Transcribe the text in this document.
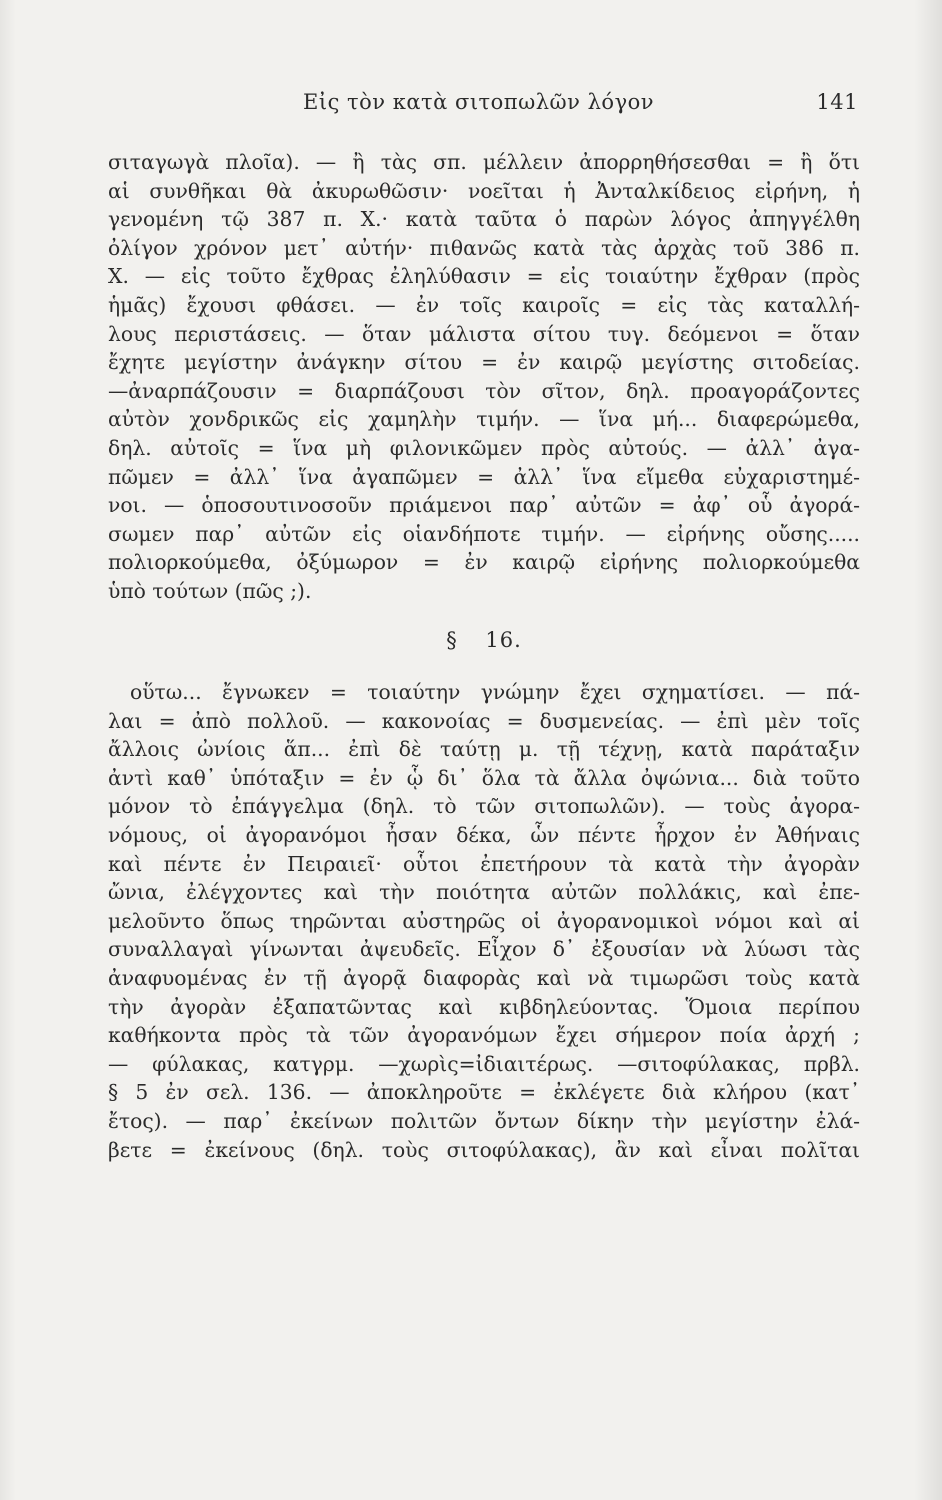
Εἰς τὸν κατὰ σιτοπωλῶν λόγον	141
σιταγωγὰ πλοῖα). — ἢ τὰς σπ. μέλλειν ἀπορρηθήσεσθαι = ἢ ὅτι
αἱ συνθῆκαι θὰ ἀκυρωθῶσιν· νοεῖται ἡ Ἀνταλκίδειος εἰρήνη, ἡ
γενομένη τῷ 387 π. Χ.· κατὰ ταῦτα ὁ παρὼν λόγος ἀπηγγέλθη
ὀλίγον χρόνον μετ᾽ αὐτήν· πιθανῶς κατὰ τὰς ἀρχὰς τοῦ 386 π.
Χ. — εἰς τοῦτο ἔχθρας ἐληλύθασιν = εἰς τοιαύτην ἔχθραν (πρὸς
ἡμᾶς) ἔχουσι φθάσει. — ἐν τοῖς καιροῖς = εἰς τὰς καταλλή-
λους περιστάσεις. — ὅταν μάλιστα σίτου τυγ. δεόμενοι = ὅταν
ἔχητε μεγίστην ἀνάγκην σίτου = ἐν καιρῷ μεγίστης σιτοδείας.
—ἀναρπάζουσιν = διαρπάζουσι τὸν σῖτον, δηλ. προαγοράζοντες
αὐτὸν χονδρικῶς εἰς χαμηλὴν τιμήν. — ἵνα μή... διαφερώμεθα,
δηλ. αὐτοῖς = ἵνα μὴ φιλονικῶμεν πρὸς αὐτούς. — ἀλλ᾽ ἀγα-
πῶμεν = ἀλλ᾽ ἵνα ἀγαπῶμεν = ἀλλ᾽ ἵνα εἴμεθα εὐχαριστημέ-
νοι. — ὁποσουτινοσοῦν πριάμενοι παρ᾽ αὐτῶν = ἀφ᾽ οὗ ἀγορά-
σωμεν παρ᾽ αὐτῶν εἰς οἱανδήποτε τιμήν. — εἰρήνης οὔσης.....
πολιορκούμεθα, ὀξύμωρον = ἐν καιρῷ εἰρήνης πολιορκούμεθα
ὑπὸ τούτων (πῶς ;).
§ 16.
οὕτω... ἔγνωκεν = τοιαύτην γνώμην ἔχει σχηματίσει. — πά-
λαι = ἀπὸ πολλοῦ. — κακονοίας = δυσμενείας. — ἐπὶ μὲν τοῖς
ἄλλοις ὠνίοις ἅπ... ἐπὶ δὲ ταύτῃ μ. τῇ τέχνῃ, κατὰ παράταξιν
ἀντὶ καθ᾽ ὑπόταξιν = ἐν ᾧ δι᾽ ὅλα τὰ ἄλλα ὀψώνια... διὰ τοῦτο
μόνον τὸ ἐπάγγελμα (δηλ. τὸ τῶν σιτοπωλῶν). — τοὺς ἀγορα-
νόμους, οἱ ἀγορανόμοι ἦσαν δέκα, ὧν πέντε ἦρχον ἐν Ἀθήναις
καὶ πέντε ἐν Πειραιεῖ· οὗτοι ἐπετήρουν τὰ κατὰ τὴν ἀγορὰν
ὤνια, ἐλέγχοντες καὶ τὴν ποιότητα αὐτῶν πολλάκις, καὶ ἐπε-
μελοῦντο ὅπως τηρῶνται αὐστηρῶς οἱ ἀγορανομικοὶ νόμοι καὶ αἱ
συναλλαγαὶ γίνωνται ἀψευδεῖς. Εἶχον δ᾽ ἐξουσίαν νὰ λύωσι τὰς
ἀναφυομένας ἐν τῇ ἀγορᾷ διαφορὰς καὶ νὰ τιμωρῶσι τοὺς κατὰ
τὴν ἀγορὰν ἐξαπατῶντας καὶ κιβδηλεύοντας. Ὅμοια περίπου
καθήκοντα πρὸς τὰ τῶν ἀγορανόμων ἔχει σήμερον ποία ἀρχή ;
— φύλακας, κατγρμ. —χωρὶς=ἰδιαιτέρως. —σιτοφύλακας, πρβλ.
§ 5 ἐν σελ. 136. — ἀποκληροῦτε = ἐκλέγετε διὰ κλήρου (κατ᾽
ἔτος). — παρ᾽ ἐκείνων πολιτῶν ὄντων δίκην τὴν μεγίστην ἐλά-
βετε = ἐκείνους (δηλ. τοὺς σιτοφύλακας), ἂν καὶ εἶναι πολῖται
